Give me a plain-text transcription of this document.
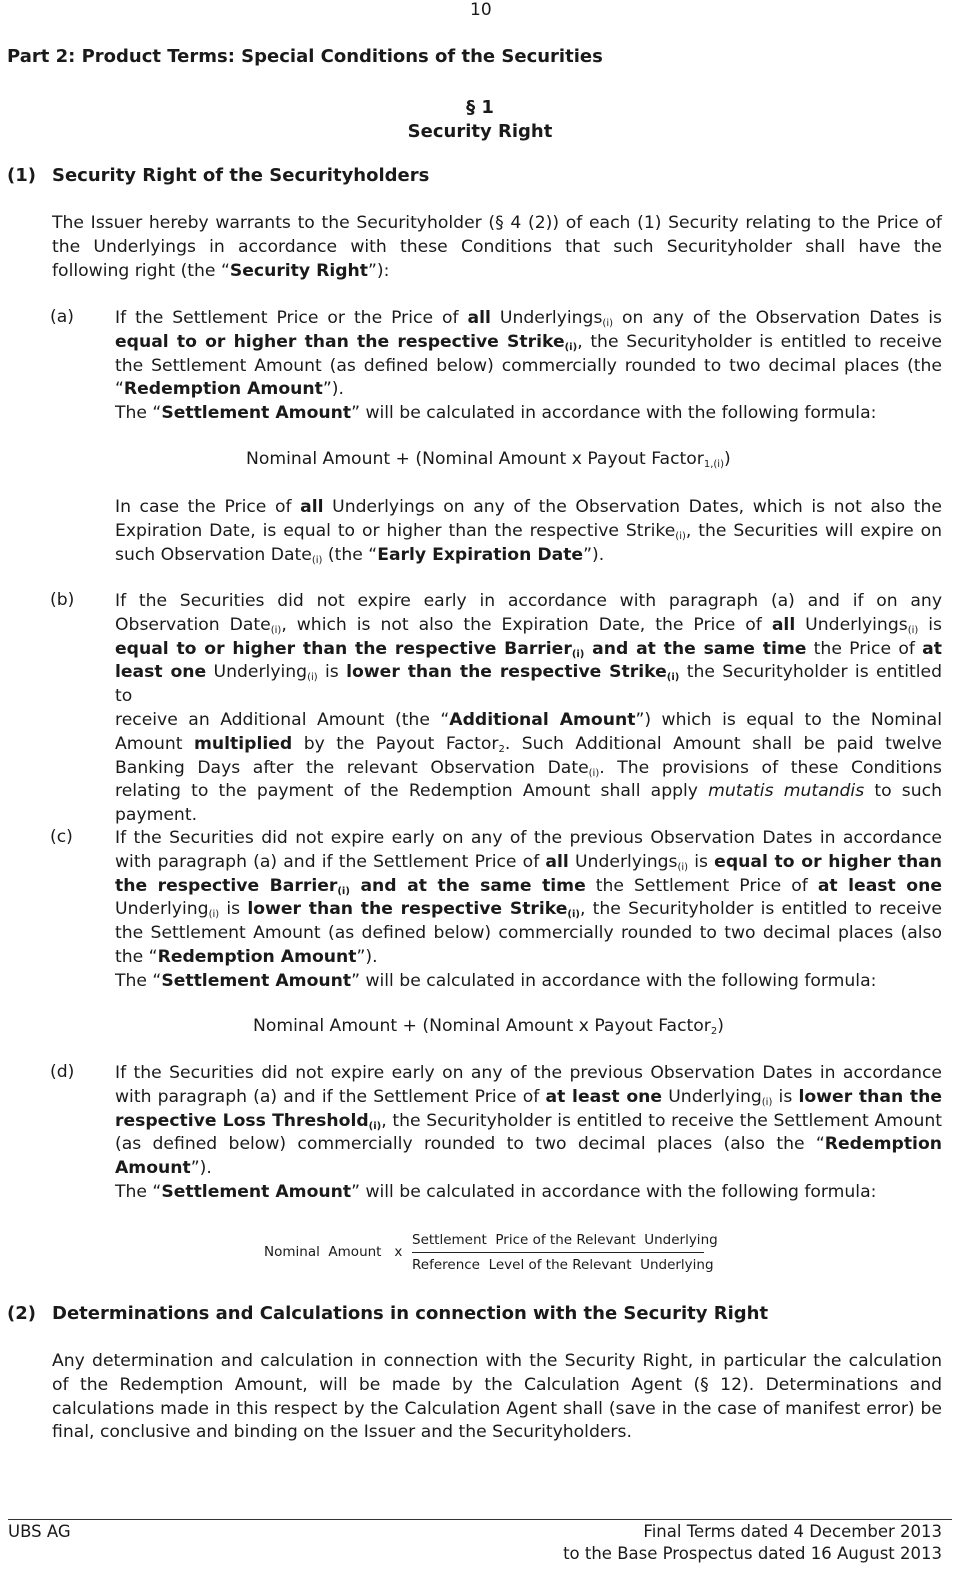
10
Part 2: Product Terms: Special Conditions of the Securities
§ 1
Security Right
(1) Security Right of the Securityholders
The Issuer hereby warrants to the Securityholder (§ 4 (2)) of each (1) Security relating to the Price of
the Underlyings in accordance with these Conditions that such Securityholder shall have the
following right (the “Security Right”):
(a) If the Settlement Price or the Price of all Underlyings$_{(i)}$ on any of the Observation Dates is
equal to or higher than the respective Strike$_{(i)}$, the Securityholder is entitled to receive
the Settlement Amount (as defined below) commercially rounded to two decimal places (the
“Redemption Amount”).
The “Settlement Amount” will be calculated in accordance with the following formula:
Nominal Amount + (Nominal Amount x Payout Factor$_{1,(i)}$)
In case the Price of all Underlyings on any of the Observation Dates, which is not also the
Expiration Date, is equal to or higher than the respective Strike$_{(i)}$, the Securities will expire on
such Observation Date$_{(i)}$ (the “Early Expiration Date”).
(b) If the Securities did not expire early in accordance with paragraph (a) and if on any
Observation Date$_{(i)}$, which is not also the Expiration Date, the Price of all Underlyings$_{(i)}$ is
equal to or higher than the respective Barrier$_{(i)}$ and at the same time the Price of at
least one Underlying$_{(i)}$ is lower than the respective Strike$_{(i)}$ the Securityholder is entitled to
receive an Additional Amount (the “Additional Amount”) which is equal to the Nominal
Amount multiplied by the Payout Factor$_2$. Such Additional Amount shall be paid twelve
Banking Days after the relevant Observation Date$_{(i)}$. The provisions of these Conditions
relating to the payment of the Redemption Amount shall apply mutatis mutandis to such
payment.
(c) If the Securities did not expire early on any of the previous Observation Dates in accordance
with paragraph (a) and if the Settlement Price of all Underlyings$_{(i)}$ is equal to or higher than
the respective Barrier$_{(i)}$ and at the same time the Settlement Price of at least one
Underlying$_{(i)}$ is lower than the respective Strike$_{(i)}$, the Securityholder is entitled to receive
the Settlement Amount (as defined below) commercially rounded to two decimal places (also
the “Redemption Amount”).
The “Settlement Amount” will be calculated in accordance with the following formula:
Nominal Amount + (Nominal Amount x Payout Factor$_2$)
(d) If the Securities did not expire early on any of the previous Observation Dates in accordance
with paragraph (a) and if the Settlement Price of at least one Underlying$_{(i)}$ is lower than the
respective Loss Threshold$_{(i)}$, the Securityholder is entitled to receive the Settlement Amount
(as defined below) commercially rounded to two decimal places (also the “Redemption
Amount”).
The “Settlement Amount” will be calculated in accordance with the following formula:
Nominal  Amount   x
Settlement  Price of the Relevant  Underlying
Reference  Level of the Relevant  Underlying
(2) Determinations and Calculations in connection with the Security Right
Any determination and calculation in connection with the Security Right, in particular the calculation
of the Redemption Amount, will be made by the Calculation Agent (§ 12). Determinations and
calculations made in this respect by the Calculation Agent shall (save in the case of manifest error) be
final, conclusive and binding on the Issuer and the Securityholders.
UBS AG	Final Terms dated 4 December 2013
to the Base Prospectus dated 16 August 2013
